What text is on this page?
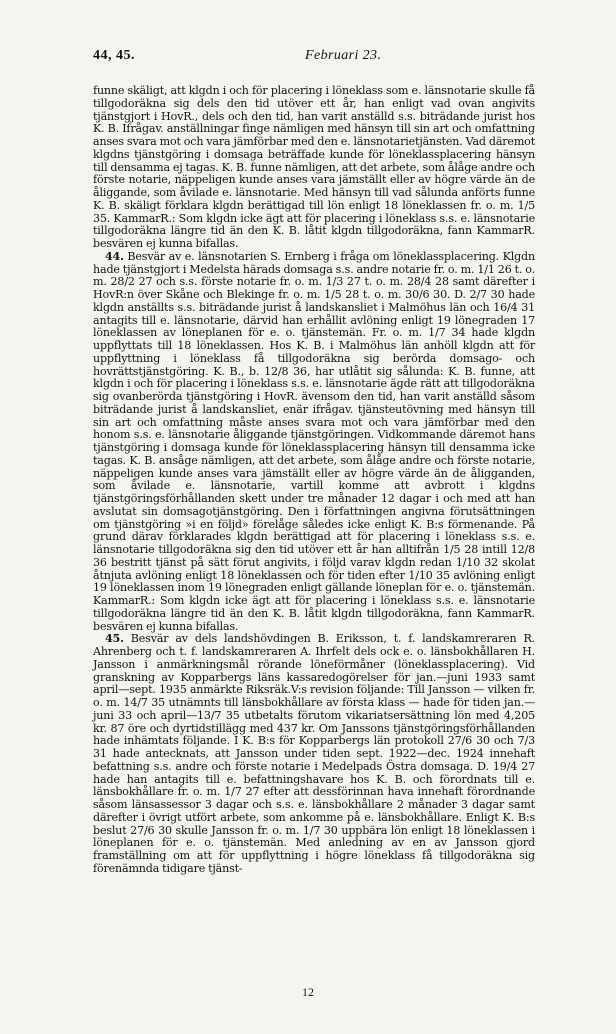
44, 45.	Februari 23.

funne skäligt, att klgdn i och för placering i löneklass som e. länsnotarie skulle få tillgodoräkna sig dels den tid utöver ett år, han enligt vad ovan angivits tjänstgjort i HovR., dels och den tid, han varit anställd s.s. biträdande jurist hos K. B. Ifrågav. anställningar finge nämligen med hänsyn till sin art och omfattning anses svara mot och vara jämförbar med den e. länsnotarietjänsten. Vad däremot klgdns tjänstgöring i domsaga beträffade kunde för löneklassplacering hänsyn till densamma ej tagas. K. B. funne nämligen, att det arbete, som ålåge andre och förste notarie, näppeligen kunde anses vara jämställt eller av högre värde än de åliggande, som åvilade e. länsnotarie. Med hänsyn till vad sålunda anförts funne K. B. skäligt förklara klgdn berättigad till lön enligt 18 löneklassen fr. o. m. 1/5 35. KammarR.: Som klgdn icke ägt att för placering i löneklass s.s. e. länsnotarie tillgodoräkna längre tid än den K. B. låtit klgdn tillgodoräkna, fann KammarR. besvären ej kunna bifallas.

44. Besvär av e. länsnotarien S. Ernberg i fråga om löneklassplacering. Klgdn hade tjänstgjort i Medelsta härads domsaga s.s. andre notarie fr. o. m. 1/1 26 t. o. m. 28/2 27 och s.s. förste notarie fr. o. m. 1/3 27 t. o. m. 28/4 28 samt därefter i HovR:n över Skåne och Blekinge fr. o. m. 1/5 28 t. o. m. 30/6 30. D. 2/7 30 hade klgdn anställts s.s. biträdande jurist å landskansliet i Malmöhus län och 16/4 31 antagits till e. länsnotarie, därvid han erhållit avlöning enligt 19 lönegraden 17 löneklassen av löneplanen för e. o. tjänstemän. Fr. o. m. 1/7 34 hade klgdn uppflyttats till 18 löneklassen. Hos K. B. i Malmöhus län anhöll klgdn att för uppflyttning i löneklass få tillgodoräkna sig berörda domsago- och hovrättstjänstgöring. K. B., b. 12/8 36, har utlåtit sig sålunda: K. B. funne, att klgdn i och för placering i löneklass s.s. e. länsnotarie ägde rätt att tillgodoräkna sig ovanberörda tjänstgöring i HovR. ävensom den tid, han varit anställd såsom biträdande jurist å landskansliet, enär ifrågav. tjänsteutövning med hänsyn till sin art och omfattning måste anses svara mot och vara jämförbar med den honom s.s. e. länsnotarie åliggande tjänstgöringen. Vidkommande däremot hans tjänstgöring i domsaga kunde för löneklassplacering hänsyn till densamma icke tagas. K. B. ansåge nämligen, att det arbete, som ålåge andre och förste notarie, näppeligen kunde anses vara jämställt eller av högre värde än de åligganden, som åvilade e. länsnotarie, vartill komme att avbrott i klgdns tjänstgöringsförhållanden skett under tre månader 12 dagar i och med att han avslutat sin domsagotjänstgöring. Den i författningen angivna förutsättningen om tjänstgöring »i en följd» förelåge således icke enligt K. B:s förmenande. På grund därav förklarades klgdn berättigad att för placering i löneklass s.s. e. länsnotarie tillgodoräkna sig den tid utöver ett år han alltifrån 1/5 28 intill 12/8 36 bestritt tjänst på sätt förut angivits, i följd varav klgdn redan 1/10 32 skolat åtnjuta avlöning enligt 18 löneklassen och för tiden efter 1/10 35 avlöning enligt 19 löneklassen inom 19 lönegraden enligt gällande löneplan för e. o. tjänstemän. KammarR.: Som klgdn icke ägt att för placering i löneklass s.s. e. länsnotarie tillgodoräkna längre tid än den K. B. låtit klgdn tillgodoräkna, fann KammarR. besvären ej kunna bifallas.

45. Besvär av dels landshövdingen B. Eriksson, t. f. landskamreraren R. Ahrenberg och t. f. landskamreraren A. Ihrfelt dels ock e. o. länsbokhållaren H. Jansson i anmärkningsmål rörande löneförmåner (löneklassplacering). Vid granskning av Kopparbergs läns kassaredogörelser för jan.—juni 1933 samt april—sept. 1935 anmärkte Riksräk.V:s revision följande: Till Jansson — vilken fr. o. m. 14/7 35 utnämnts till länsbokhållare av första klass — hade för tiden jan.—juni 33 och april—13/7 35 utbetalts förutom vikariatsersättning lön med 4,205 kr. 87 öre och dyrtidstillägg med 437 kr. Om Janssons tjänstgöringsförhållanden hade inhämtats följande. I K. B:s för Kopparbergs län protokoll 27/6 30 och 7/3 31 hade antecknats, att Jansson under tiden sept. 1922—dec. 1924 innehaft befattning s.s. andre och förste notarie i Medelpads Östra domsaga. D. 19/4 27 hade han antagits till e. befattningshavare hos K. B. och förordnats till e. länsbokhållare fr. o. m. 1/7 27 efter att dessförinnan hava innehaft förordnande såsom länsassessor 3 dagar och s.s. e. länsbokhållare 2 månader 3 dagar samt därefter i övrigt utfört arbete, som ankomme på e. länsbokhållare. Enligt K. B:s beslut 27/6 30 skulle Jansson fr. o. m. 1/7 30 uppbära lön enligt 18 löneklassen i löneplanen för e. o. tjänstemän. Med anledning av en av Jansson gjord framställning om att för uppflyttning i högre löneklass få tillgodoräkna sig förenämnda tidigare tjänst-

12
